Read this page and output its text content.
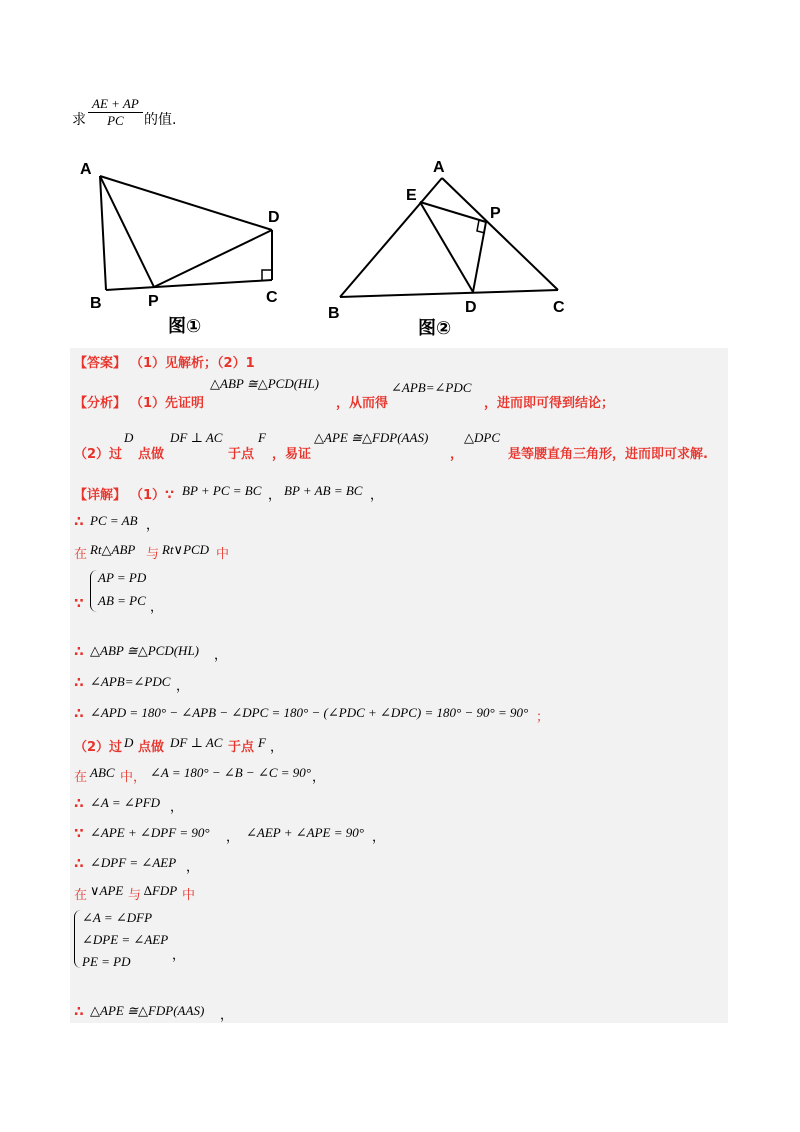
求 $\frac{AE + AP}{PC}$ 的值.
A
B	P	C
D
图①
A
E
P
B	D	C
图②
【答案】 （1）见解析；（2）1
【分析】 （1）先证明
△ABP ≅△PCD(HL)
，从而得
∠APB=∠PDC
，进而即可得到结论；
（2）过
D
点做
DF ⊥ AC
于点
F
，易证
△APE ≅△FDP(AAS)
，
△DPC
是等腰直角三角形，进而即可求解.
【详解】 （1）∵ BP + PC = BC ， BP + AB = BC ，
∴ PC = AB ，
在 Rt△ABP 与 Rt∨PCD 中
∵
AP = PD
AB = PC ，
∴ △ABP ≅△PCD(HL) ，
∴ ∠APB=∠PDC ，
∴ ∠APD = 180° − ∠APB − ∠DPC = 180° − (∠PDC + ∠DPC) = 180° − 90° = 90° ；
（2）过 D 点做 DF ⊥ AC 于点 F ，
在 ABC 中， ∠A = 180° − ∠B − ∠C = 90° ，
∴ ∠A = ∠PFD ，
∵ ∠APE + ∠DPF = 90° ， ∠AEP + ∠APE = 90° ，
∴ ∠DPF = ∠AEP ，
在 ∨APE 与 ∆FDP 中
∠A = ∠DFP
∠DPE = ∠AEP
PE = PD	，
∴ △APE ≅△FDP(AAS) ，
